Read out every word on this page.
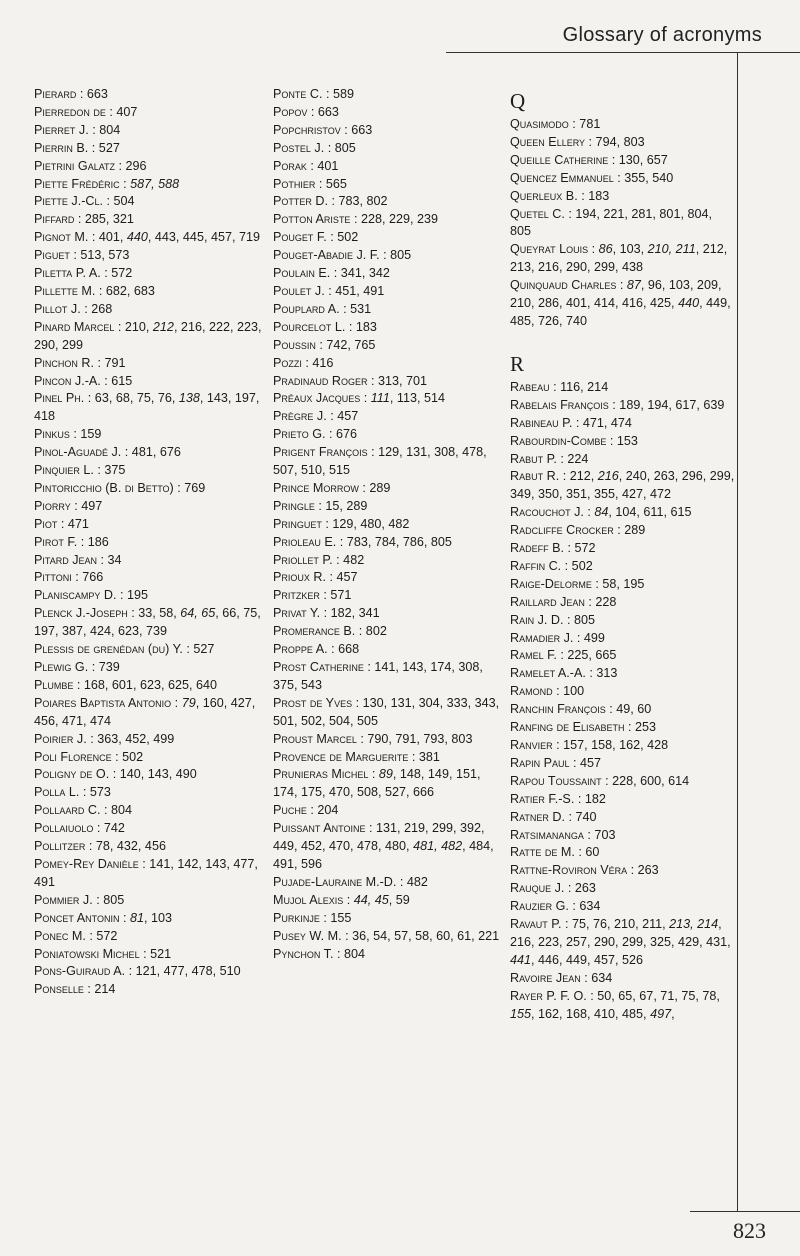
Glossary of acronyms
Pierard : 663
Pierredon de : 407
Pierret J. : 804
Pierrin B. : 527
Pietrini Galatz : 296
Piette Frédéric : 587, 588
Piette J.-Cl. : 504
Piffard : 285, 321
Pignot M. : 401, 440, 443, 445, 457, 719
Piguet : 513, 573
Piletta P. A. : 572
Pillette M. : 682, 683
Pillot J. : 268
Pinard Marcel : 210, 212, 216, 222, 223, 290, 299
Pinchon R. : 791
Pincon J.-A. : 615
Pinel Ph. : 63, 68, 75, 76, 138, 143, 197, 418
Pinkus : 159
Pinol-Aguadé J. : 481, 676
Pinquier L. : 375
Pintoricchio (B. di Betto) : 769
Piorry : 497
Piot : 471
Pirot F. : 186
Pitard Jean : 34
Pittoni : 766
Planiscampy D. : 195
Plenck J.-Joseph : 33, 58, 64, 65, 66, 75, 197, 387, 424, 623, 739
Plessis de grenédan (du) Y. : 527
Plewig G. : 739
Plumbe : 168, 601, 623, 625, 640
Poiares Baptista Antonio : 79, 160, 427, 456, 471, 474
Poirier J. : 363, 452, 499
Poli Florence : 502
Poligny de O. : 140, 143, 490
Polla L. : 573
Pollaard C. : 804
Pollaiuolo : 742
Pollitzer : 78, 432, 456
Pomey-Rey Danièle : 141, 142, 143, 477, 491
Pommier J. : 805
Poncet Antonin : 81, 103
Ponec M. : 572
Poniatowski Michel : 521
Pons-Guiraud A. : 121, 477, 478, 510
Ponselle : 214
Ponte C. : 589
Popov : 663
Popchristov : 663
Postel J. : 805
Porak : 401
Pothier : 565
Potter D. : 783, 802
Potton Ariste : 228, 229, 239
Pouget F. : 502
Pouget-Abadie J. F. : 805
Poulain E. : 341, 342
Poulet J. : 451, 491
Pouplard A. : 531
Pourcelot L. : 183
Poussin : 742, 765
Pozzi : 416
Pradinaud Roger : 313, 701
Préaux Jacques : 111, 113, 514
Prègre J. : 457
Prieto G. : 676
Prigent François : 129, 131, 308, 478, 507, 510, 515
Prince Morrow : 289
Pringle : 15, 289
Pringuet : 129, 480, 482
Prioleau E. : 783, 784, 786, 805
Priollet P. : 482
Prioux R. : 457
Pritzker : 571
Privat Y. : 182, 341
Promerance B. : 802
Proppe A. : 668
Prost Catherine : 141, 143, 174, 308, 375, 543
Prost de Yves : 130, 131, 304, 333, 343, 501, 502, 504, 505
Proust Marcel : 790, 791, 793, 803
Provence de Marguerite : 381
Prunieras Michel : 89, 148, 149, 151, 174, 175, 470, 508, 527, 666
Puche : 204
Puissant Antoine : 131, 219, 299, 392, 449, 452, 470, 478, 480, 481, 482, 484, 491, 596
Pujade-Lauraine M.-D. : 482
Mujol Alexis : 44, 45, 59
Purkinje : 155
Pusey W. M. : 36, 54, 57, 58, 60, 61, 221
Pynchon T. : 804
Q
Quasimodo : 781
Queen Ellery : 794, 803
Queille Catherine : 130, 657
Quencez Emmanuel : 355, 540
Querleux B. : 183
Quetel C. : 194, 221, 281, 801, 804, 805
Queyrat Louis : 86, 103, 210, 211, 212, 213, 216, 290, 299, 438
Quinquaud Charles : 87, 96, 103, 209, 210, 286, 401, 414, 416, 425, 440, 449, 485, 726, 740
R
Rabeau : 116, 214
Rabelais François : 189, 194, 617, 639
Rabineau P. : 471, 474
Rabourdin-Combe : 153
Rabut P. : 224
Rabut R. : 212, 216, 240, 263, 296, 299, 349, 350, 351, 355, 427, 472
Racouchot J. : 84, 104, 611, 615
Radcliffe Crocker : 289
Radeff B. : 572
Raffin C. : 502
Raige-Delorme : 58, 195
Raillard Jean : 228
Rain J. D. : 805
Ramadier J. : 499
Ramel F. : 225, 665
Ramelet A.-A. : 313
Ramond : 100
Ranchin François : 49, 60
Ranfing de Elisabeth : 253
Ranvier : 157, 158, 162, 428
Rapin Paul : 457
Rapou Toussaint : 228, 600, 614
Ratier F.-S. : 182
Ratner D. : 740
Ratsimananga : 703
Ratte de M. : 60
Rattne-Roviron Véra : 263
Rauque J. : 263
Rauzier G. : 634
Ravaut P. : 75, 76, 210, 211, 213, 214, 216, 223, 257, 290, 299, 325, 429, 431, 441, 446, 449, 457, 526
Ravoire Jean : 634
Rayer P. F. O. : 50, 65, 67, 71, 75, 78, 155, 162, 168, 410, 485, 497,
823
